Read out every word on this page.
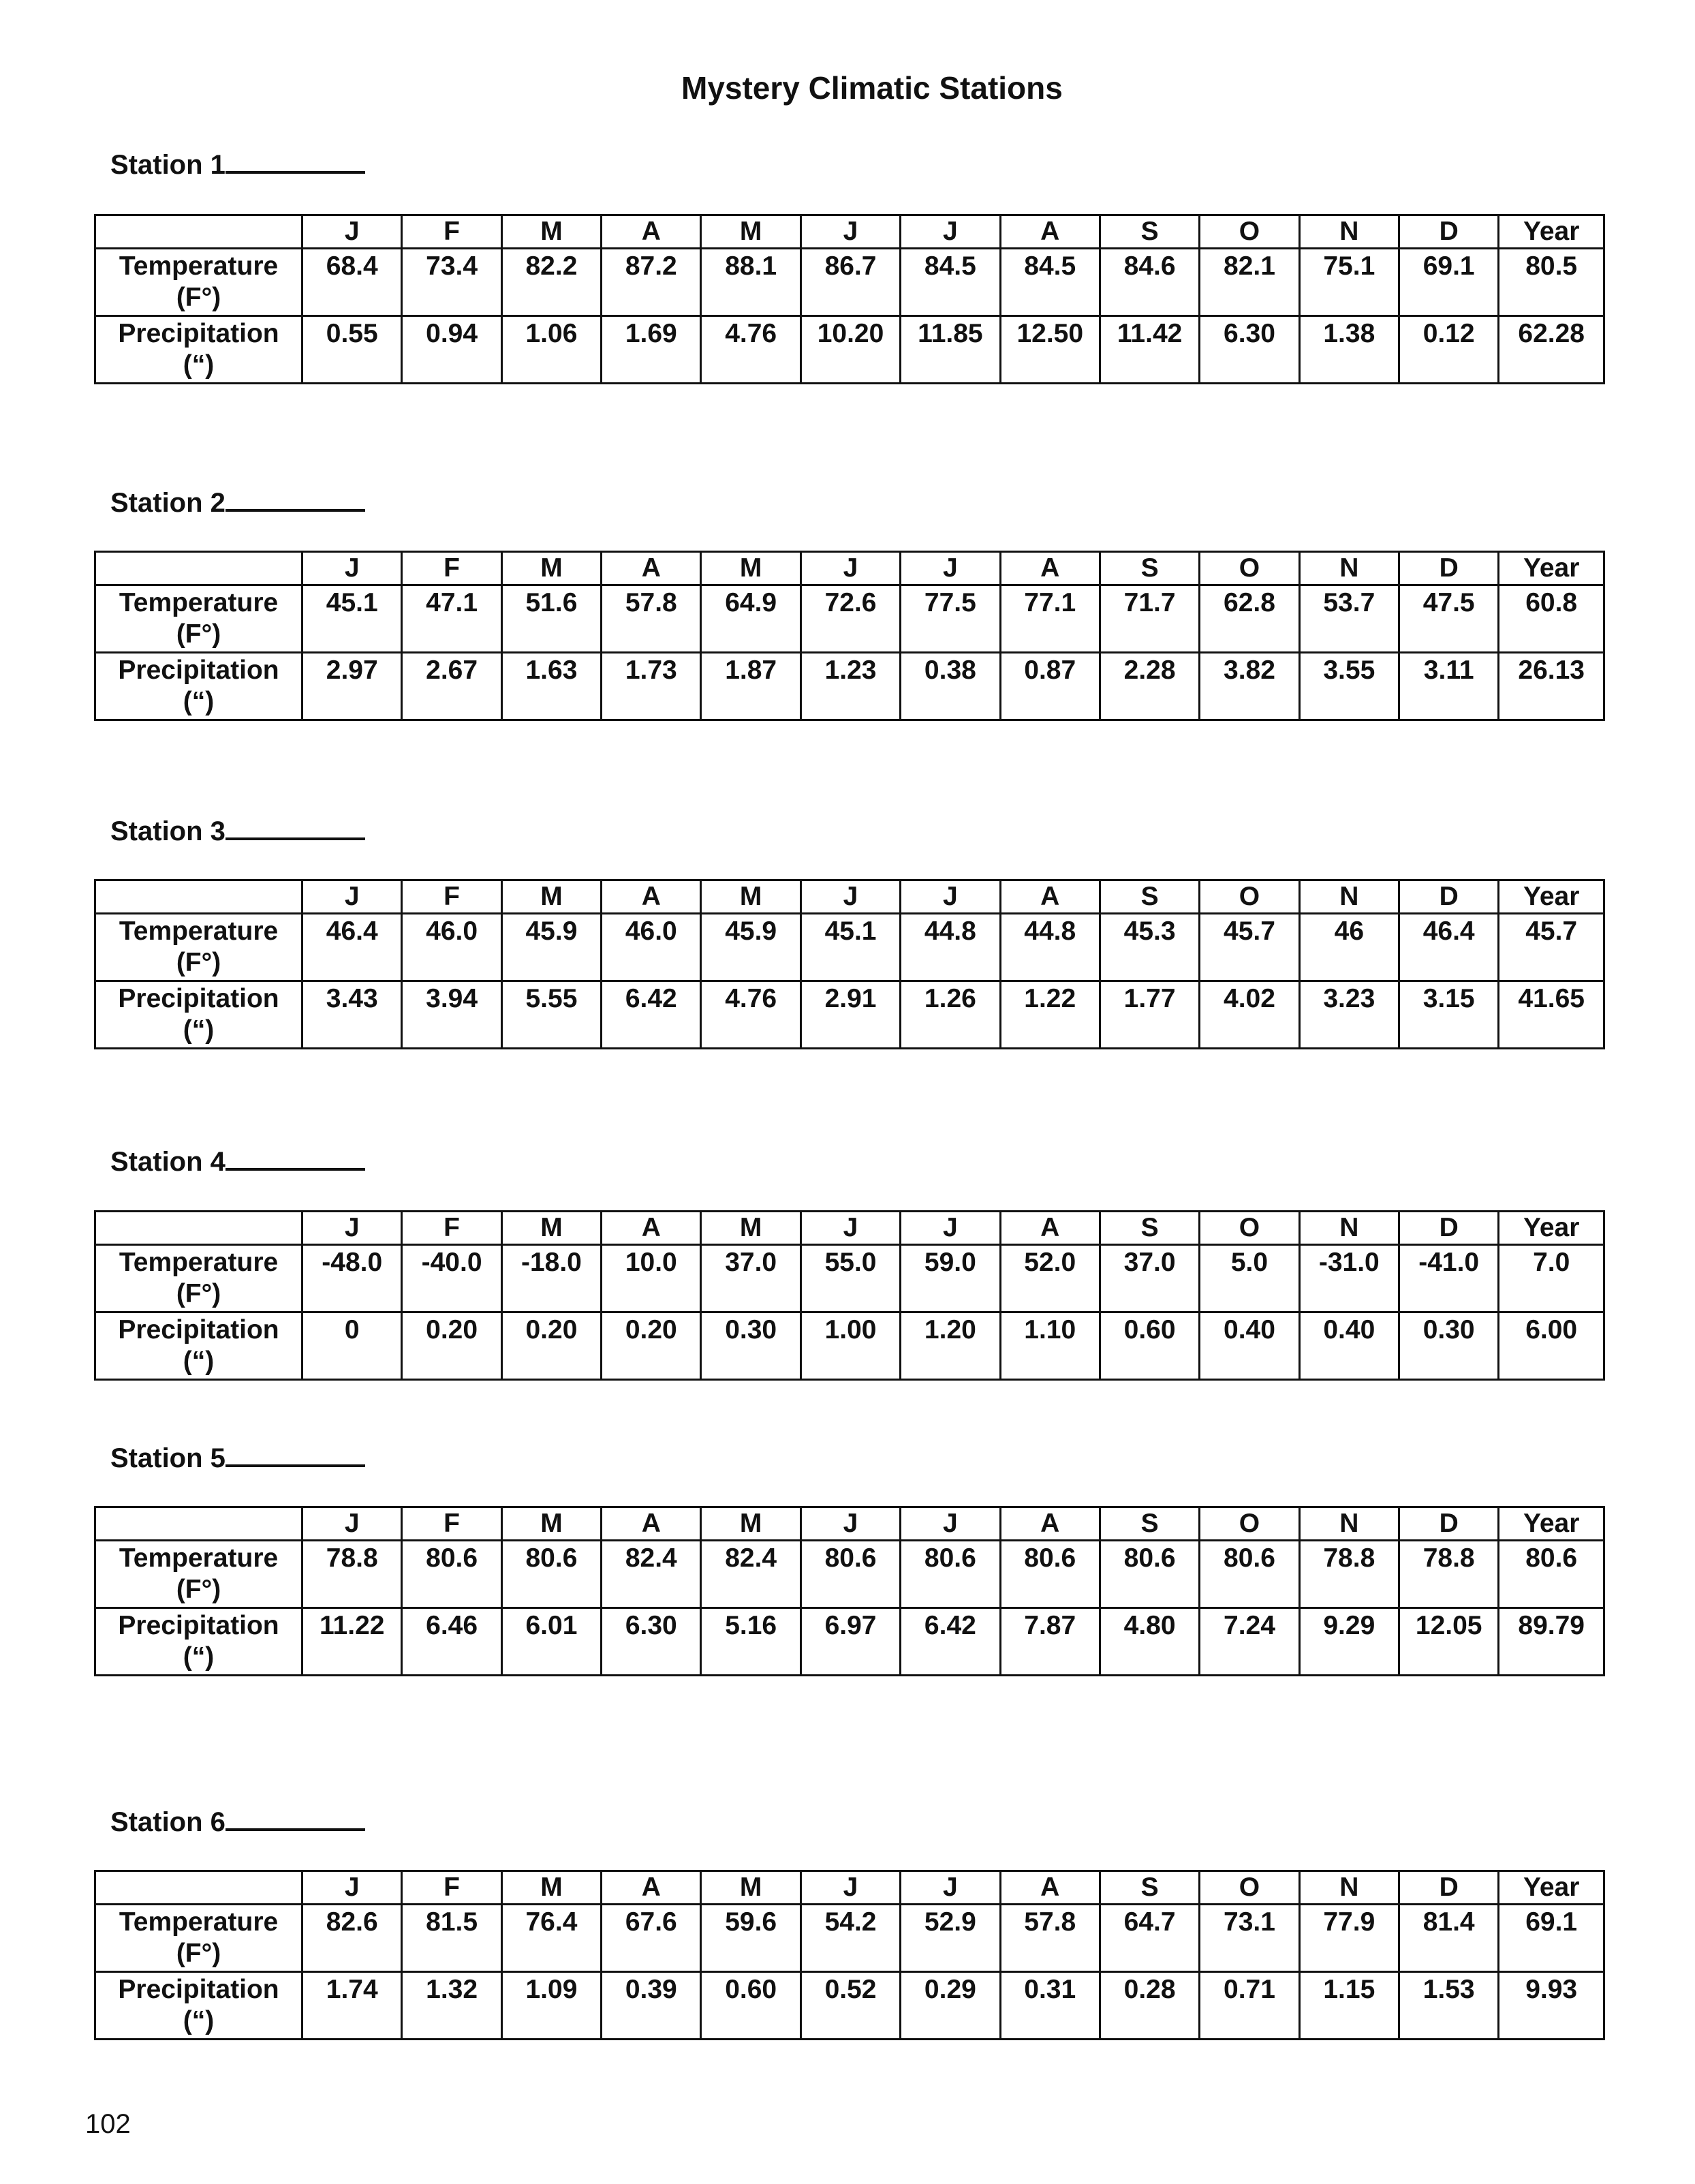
Mystery Climatic Stations
Station 1
	J	F	M	A	M	J	J	A	S	O	N	D	Year

Temperature
(F°)	68.4	73.4	82.2	87.2	88.1	86.7	84.5	84.5	84.6	82.1	75.1	69.1	80.5

Precipitation
(“)	0.55	0.94	1.06	1.69	4.76	10.20	11.85	12.50	11.42	6.30	1.38	0.12	62.28
Station 2
	J	F	M	A	M	J	J	A	S	O	N	D	Year

Temperature
(F°)	45.1	47.1	51.6	57.8	64.9	72.6	77.5	77.1	71.7	62.8	53.7	47.5	60.8

Precipitation
(“)	2.97	2.67	1.63	1.73	1.87	1.23	0.38	0.87	2.28	3.82	3.55	3.11	26.13
Station 3
	J	F	M	A	M	J	J	A	S	O	N	D	Year

Temperature
(F°)	46.4	46.0	45.9	46.0	45.9	45.1	44.8	44.8	45.3	45.7	46	46.4	45.7

Precipitation
(“)	3.43	3.94	5.55	6.42	4.76	2.91	1.26	1.22	1.77	4.02	3.23	3.15	41.65
Station 4
	J	F	M	A	M	J	J	A	S	O	N	D	Year

Temperature
(F°)	-48.0	-40.0	-18.0	10.0	37.0	55.0	59.0	52.0	37.0	5.0	-31.0	-41.0	7.0

Precipitation
(“)	0	0.20	0.20	0.20	0.30	1.00	1.20	1.10	0.60	0.40	0.40	0.30	6.00
Station 5
	J	F	M	A	M	J	J	A	S	O	N	D	Year

Temperature
(F°)	78.8	80.6	80.6	82.4	82.4	80.6	80.6	80.6	80.6	80.6	78.8	78.8	80.6

Precipitation
(“)	11.22	6.46	6.01	6.30	5.16	6.97	6.42	7.87	4.80	7.24	9.29	12.05	89.79
Station 6
	J	F	M	A	M	J	J	A	S	O	N	D	Year

Temperature
(F°)	82.6	81.5	76.4	67.6	59.6	54.2	52.9	57.8	64.7	73.1	77.9	81.4	69.1

Precipitation
(“)	1.74	1.32	1.09	0.39	0.60	0.52	0.29	0.31	0.28	0.71	1.15	1.53	9.93
102
